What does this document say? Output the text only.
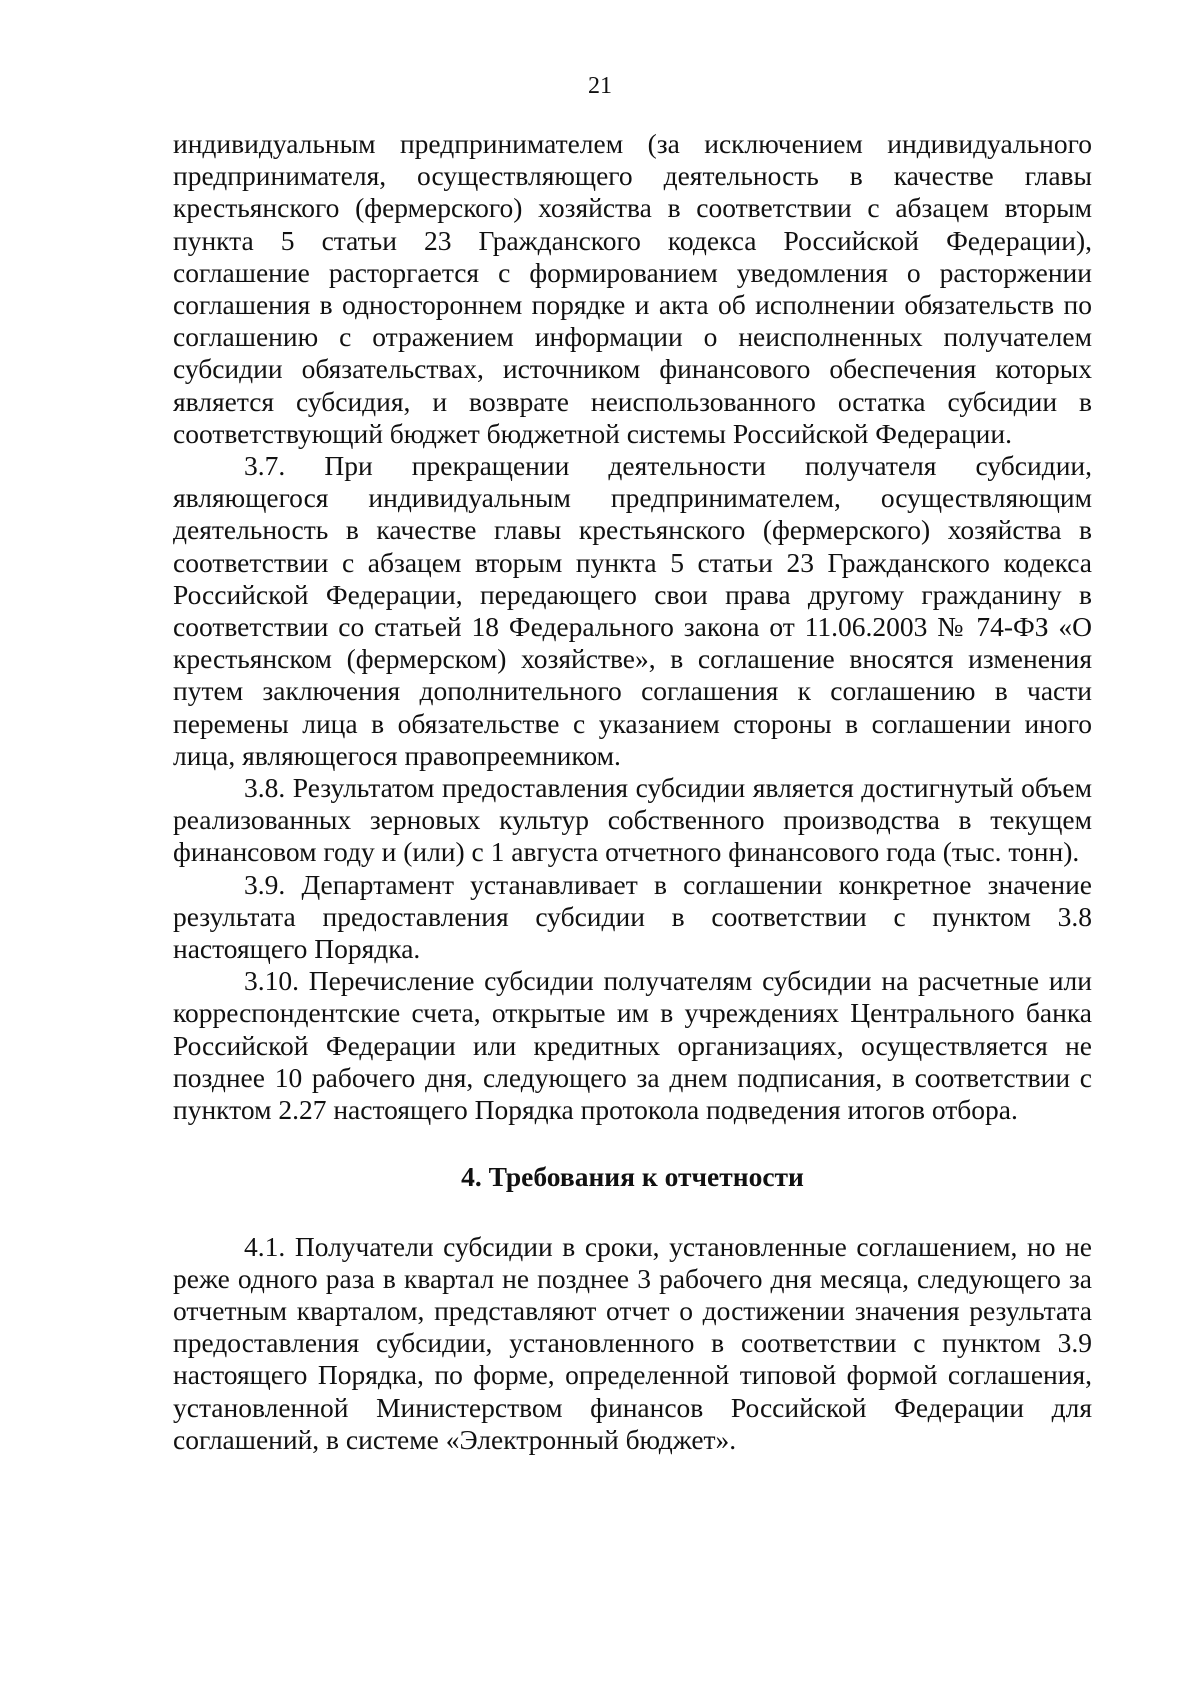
21

индивидуальным предпринимателем (за исключением индивидуального предпринимателя, осуществляющего деятельность в качестве главы крестьянского (фермерского) хозяйства в соответствии с абзацем вторым пункта 5 статьи 23 Гражданского кодекса Российской Федерации), соглашение расторгается с формированием уведомления о расторжении соглашения в одностороннем порядке и акта об исполнении обязательств по соглашению с отражением информации о неисполненных получателем субсидии обязательствах, источником финансового обеспечения которых является субсидия, и возврате неиспользованного остатка субсидии в соответствующий бюджет бюджетной системы Российской Федерации.

3.7. При прекращении деятельности получателя субсидии, являющегося индивидуальным предпринимателем, осуществляющим деятельность в качестве главы крестьянского (фермерского) хозяйства в соответствии с абзацем вторым пункта 5 статьи 23 Гражданского кодекса Российской Федерации, передающего свои права другому гражданину в соответствии со статьей 18 Федерального закона от 11.06.2003 № 74-ФЗ «О крестьянском (фермерском) хозяйстве», в соглашение вносятся изменения путем заключения дополнительного соглашения к соглашению в части перемены лица в обязательстве с указанием стороны в соглашении иного лица, являющегося правопреемником.

3.8. Результатом предоставления субсидии является достигнутый объем реализованных зерновых культур собственного производства в текущем финансовом году и (или) с 1 августа отчетного финансового года (тыс. тонн).

3.9. Департамент устанавливает в соглашении конкретное значение результата предоставления субсидии в соответствии с пунктом 3.8 настоящего Порядка.

3.10. Перечисление субсидии получателям субсидии на расчетные или корреспондентские счета, открытые им в учреждениях Центрального банка Российской Федерации или кредитных организациях, осуществляется не позднее 10 рабочего дня, следующего за днем подписания, в соответствии с пунктом 2.27 настоящего Порядка протокола подведения итогов отбора.

4. Требования к отчетности

4.1. Получатели субсидии в сроки, установленные соглашением, но не реже одного раза в квартал не позднее 3 рабочего дня месяца, следующего за отчетным кварталом, представляют отчет о достижении значения результата предоставления субсидии, установленного в соответствии с пунктом 3.9 настоящего Порядка, по форме, определенной типовой формой соглашения, установленной Министерством финансов Российской Федерации для соглашений, в системе «Электронный бюджет».
